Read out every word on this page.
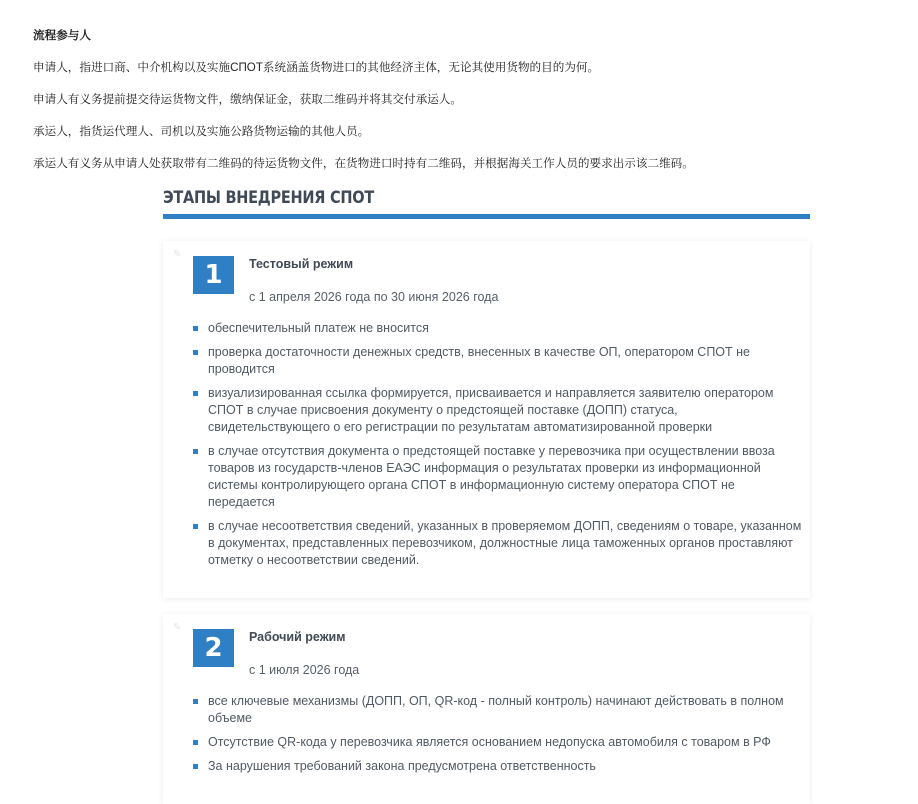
流程参与人

申请人，指进口商、中介机构以及实施СПОТ系统涵盖货物进口的其他经济主体，无论其使用货物的目的为何。

申请人有义务提前提交待运货物文件，缴纳保证金，获取二维码并将其交付承运人。

承运人，指货运代理人、司机以及实施公路货物运输的其他人员。

承运人有义务从申请人处获取带有二维码的待运货物文件，在货物进口时持有二维码，并根据海关工作人员的要求出示该二维码。

ЭТАПЫ ВНЕДРЕНИЯ СПОТ
✎
1	Тестовый режим
с 1 апреля 2026 года по 30 июня 2026 года
обеспечительный платеж не вносится
проверка достаточности денежных средств, внесенных в качестве ОП, оператором СПОТ не проводится
визуализированная ссылка формируется, присваивается и направляется заявителю оператором СПОТ в случае присвоения документу о предстоящей поставке (ДОПП) статуса, свидетельствующего о его регистрации по результатам автоматизированной проверки
в случае отсутствия документа о предстоящей поставке у перевозчика при осуществлении ввоза товаров из государств-членов ЕАЭС информация о результатах проверки из информационной системы контролирующего органа СПОТ в информационную систему оператора СПОТ не передается
в случае несоответствия сведений, указанных в проверяемом ДОПП, сведениям о товаре, указанном в документах, представленных перевозчиком, должностные лица таможенных органов проставляют отметку о несоответствии сведений.
✎
2	Рабочий режим
с 1 июля 2026 года
все ключевые механизмы (ДОПП, ОП, QR-код - полный контроль) начинают действовать в полном объеме
Отсутствие QR-кода у перевозчика является основанием недопуска автомобиля с товаром в РФ
За нарушения требований закона предусмотрена ответственность
